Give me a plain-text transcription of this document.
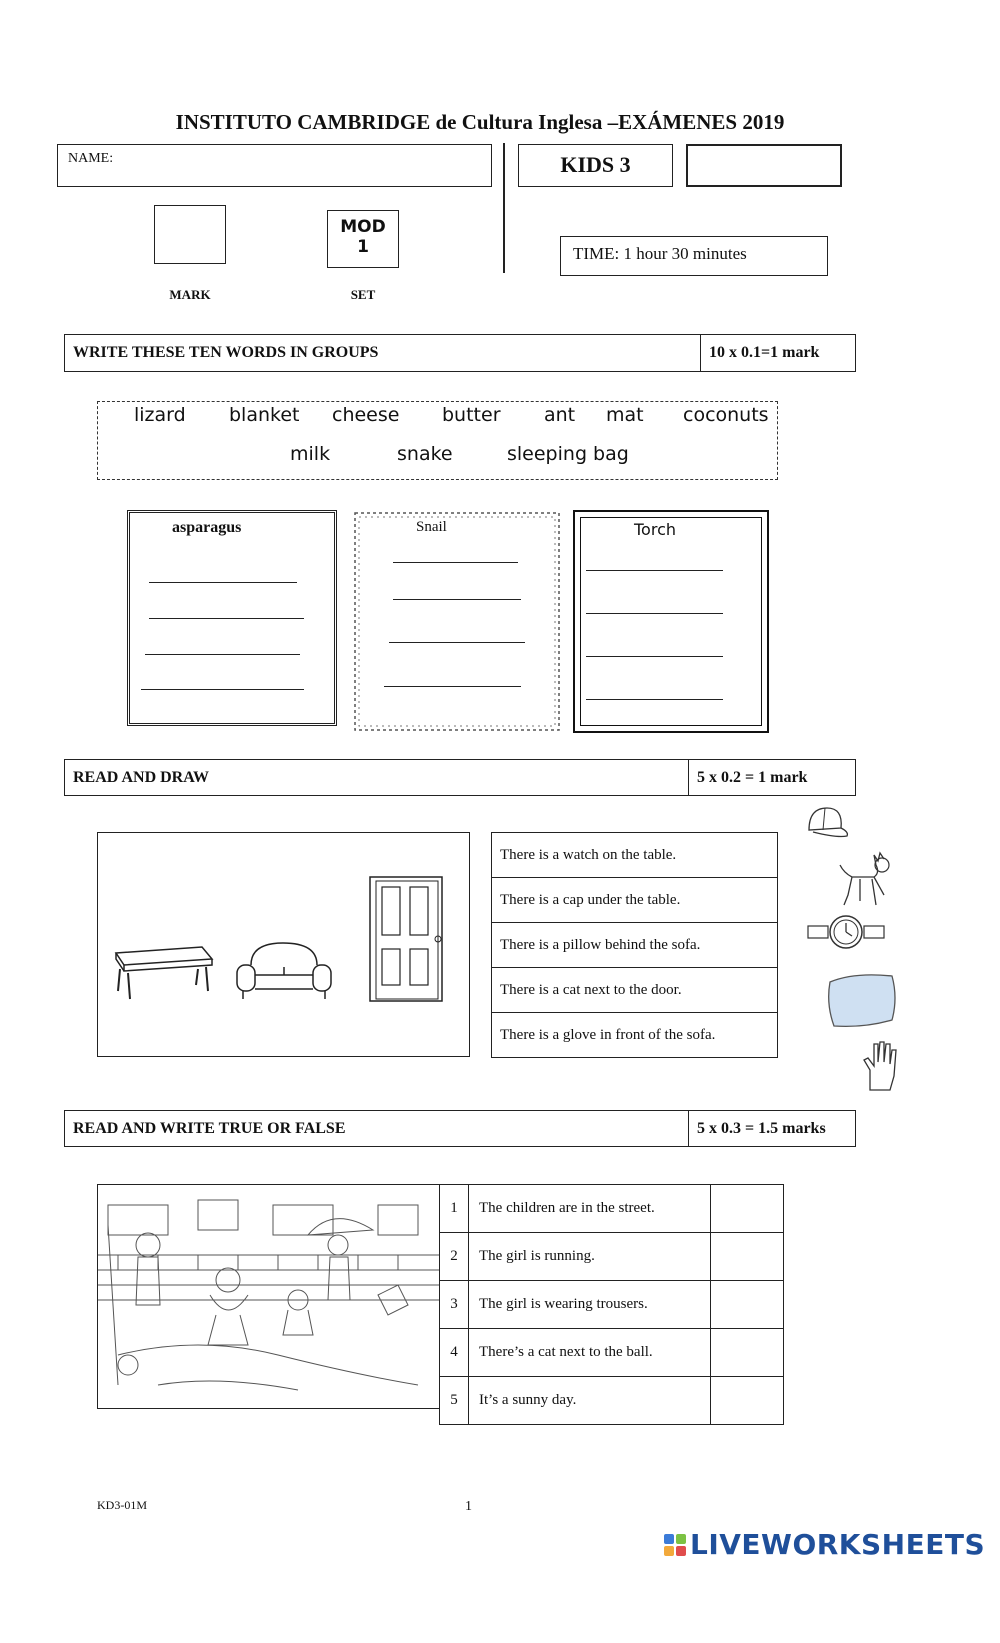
INSTITUTO CAMBRIDGE de Cultura Inglesa –EXÁMENES 2019
NAME:	KIDS 3
MARK
MOD
1
SET
TIME: 1 hour 30 minutes
WRITE THESE TEN WORDS IN GROUPS	10 x 0.1=1 mark
lizard blanket cheese butter ant mat coconuts
milk	snake	sleeping bag
asparagus	Snail	Torch
READ AND DRAW	5 x 0.2 = 1 mark
There is a watch on the table.
There is a cap under the table.
There is a pillow behind the sofa.
There is a cat next to the door.
There is a glove in front of the sofa.
READ AND WRITE TRUE OR FALSE	5 x 0.3 = 1.5 marks
1	The children are in the street.	
2	The girl is running.	
3	The girl is wearing trousers.	
4	There’s a cat next to the ball.	
5	It’s a sunny day.	
KD3-01M	1
LIVEWORKSHEETS
